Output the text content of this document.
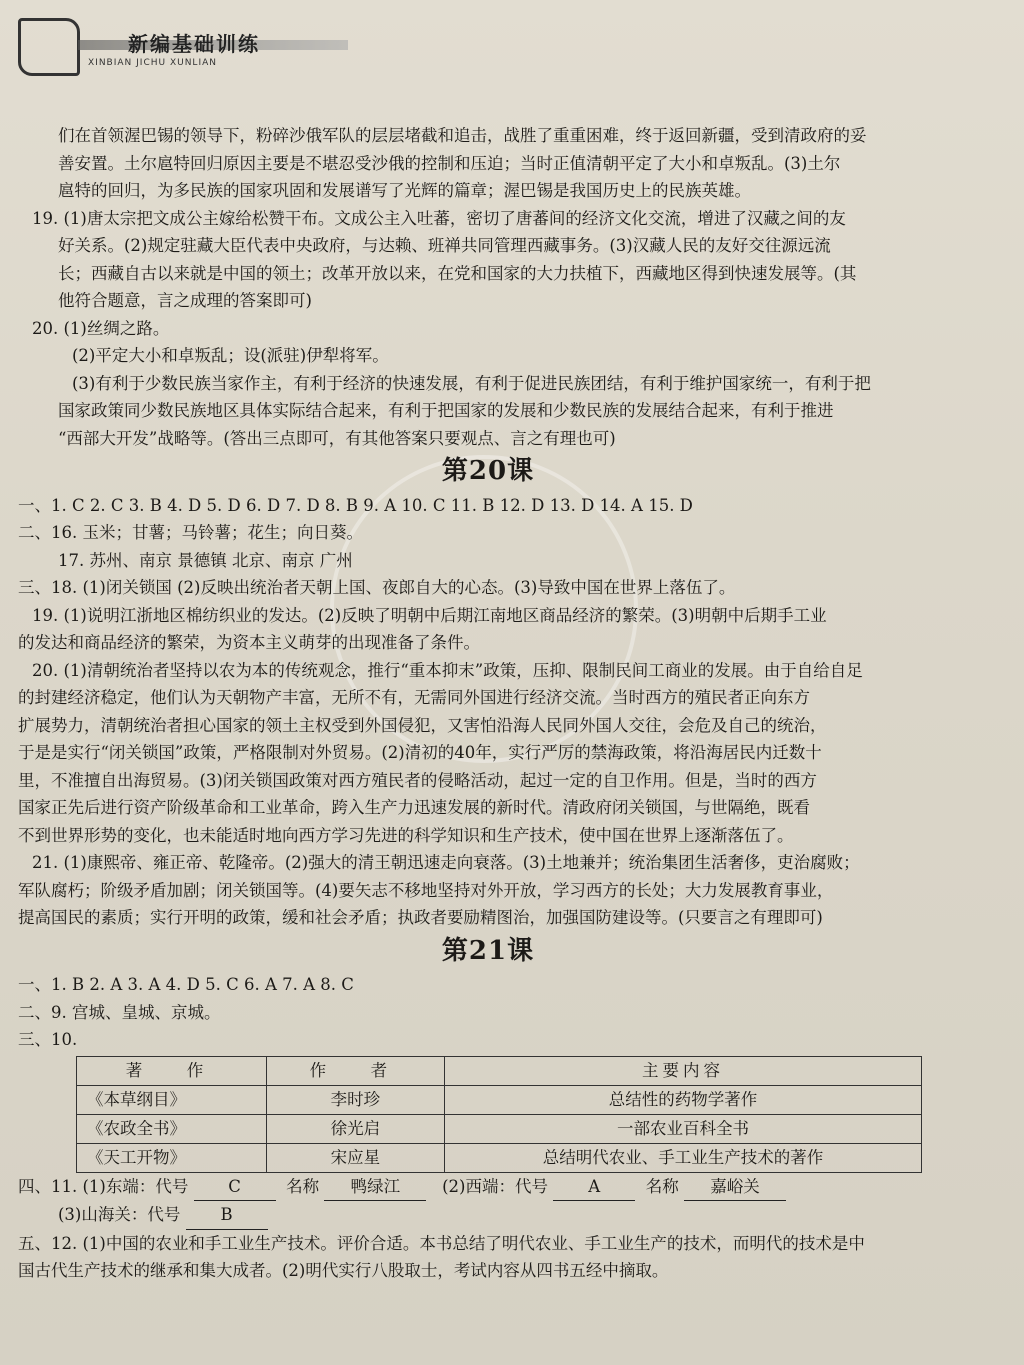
新编基础训练
XINBIAN JICHU XUNLIAN

们在首领渥巴锡的领导下，粉碎沙俄军队的层层堵截和追击，战胜了重重困难，终于返回新疆，受到清政府的妥

善安置。土尔扈特回归原因主要是不堪忍受沙俄的控制和压迫；当时正值清朝平定了大小和卓叛乱。(3)土尔

扈特的回归，为多民族的国家巩固和发展谱写了光辉的篇章；渥巴锡是我国历史上的民族英雄。

19. (1)唐太宗把文成公主嫁给松赞干布。文成公主入吐蕃，密切了唐蕃间的经济文化交流，增进了汉藏之间的友

好关系。(2)规定驻藏大臣代表中央政府，与达赖、班禅共同管理西藏事务。(3)汉藏人民的友好交往源远流

长；西藏自古以来就是中国的领土；改革开放以来，在党和国家的大力扶植下，西藏地区得到快速发展等。(其

他符合题意，言之成理的答案即可)

20. (1)丝绸之路。

(2)平定大小和卓叛乱；设(派驻)伊犁将军。

(3)有利于少数民族当家作主，有利于经济的快速发展，有利于促进民族团结，有利于维护国家统一，有利于把

国家政策同少数民族地区具体实际结合起来，有利于把国家的发展和少数民族的发展结合起来，有利于推进

“西部大开发”战略等。(答出三点即可，有其他答案只要观点、言之有理也可)

第20课

一、1. C 2. C 3. B 4. D 5. D 6. D 7. D 8. B 9. A 10. C 11. B 12. D 13. D 14. A 15. D

二、16. 玉米；甘薯；马铃薯；花生；向日葵。

17. 苏州、南京 景德镇 北京、南京 广州

三、18. (1)闭关锁国 (2)反映出统治者天朝上国、夜郎自大的心态。(3)导致中国在世界上落伍了。

19. (1)说明江浙地区棉纺织业的发达。(2)反映了明朝中后期江南地区商品经济的繁荣。(3)明朝中后期手工业

的发达和商品经济的繁荣，为资本主义萌芽的出现准备了条件。

20. (1)清朝统治者坚持以农为本的传统观念，推行“重本抑末”政策，压抑、限制民间工商业的发展。由于自给自足

的封建经济稳定，他们认为天朝物产丰富，无所不有，无需同外国进行经济交流。当时西方的殖民者正向东方

扩展势力，清朝统治者担心国家的领土主权受到外国侵犯，又害怕沿海人民同外国人交往，会危及自己的统治，

于是是实行“闭关锁国”政策，严格限制对外贸易。(2)清初的40年，实行严厉的禁海政策，将沿海居民内迁数十

里，不准擅自出海贸易。(3)闭关锁国政策对西方殖民者的侵略活动，起过一定的自卫作用。但是，当时的西方

国家正先后进行资产阶级革命和工业革命，跨入生产力迅速发展的新时代。清政府闭关锁国，与世隔绝，既看

不到世界形势的变化，也未能适时地向西方学习先进的科学知识和生产技术，使中国在世界上逐渐落伍了。

21. (1)康熙帝、雍正帝、乾隆帝。(2)强大的清王朝迅速走向衰落。(3)土地兼并；统治集团生活奢侈，吏治腐败；

军队腐朽；阶级矛盾加剧；闭关锁国等。(4)要矢志不移地坚持对外开放，学习西方的长处；大力发展教育事业，

提高国民的素质；实行开明的政策，缓和社会矛盾；执政者要励精图治，加强国防建设等。(只要言之有理即可)

第21课

一、1. B 2. A 3. A 4. D 5. C 6. A 7. A 8. C

二、9. 宫城、皇城、京城。

三、10.

著　作	作　者	主要内容
《本草纲目》	李时珍	总结性的药物学著作
《农政全书》	徐光启	一部农业百科全书
《天工开物》	宋应星	总结明代农业、手工业生产技术的著作

四、11. (1)东端：代号 C	名称 鸭绿江	(2)西端：代号 A	名称 嘉峪关

(3)山海关：代号 B

五、12. (1)中国的农业和手工业生产技术。评价合适。本书总结了明代农业、手工业生产的技术，而明代的技术是中

国古代生产技术的继承和集大成者。(2)明代实行八股取士，考试内容从四书五经中摘取。
